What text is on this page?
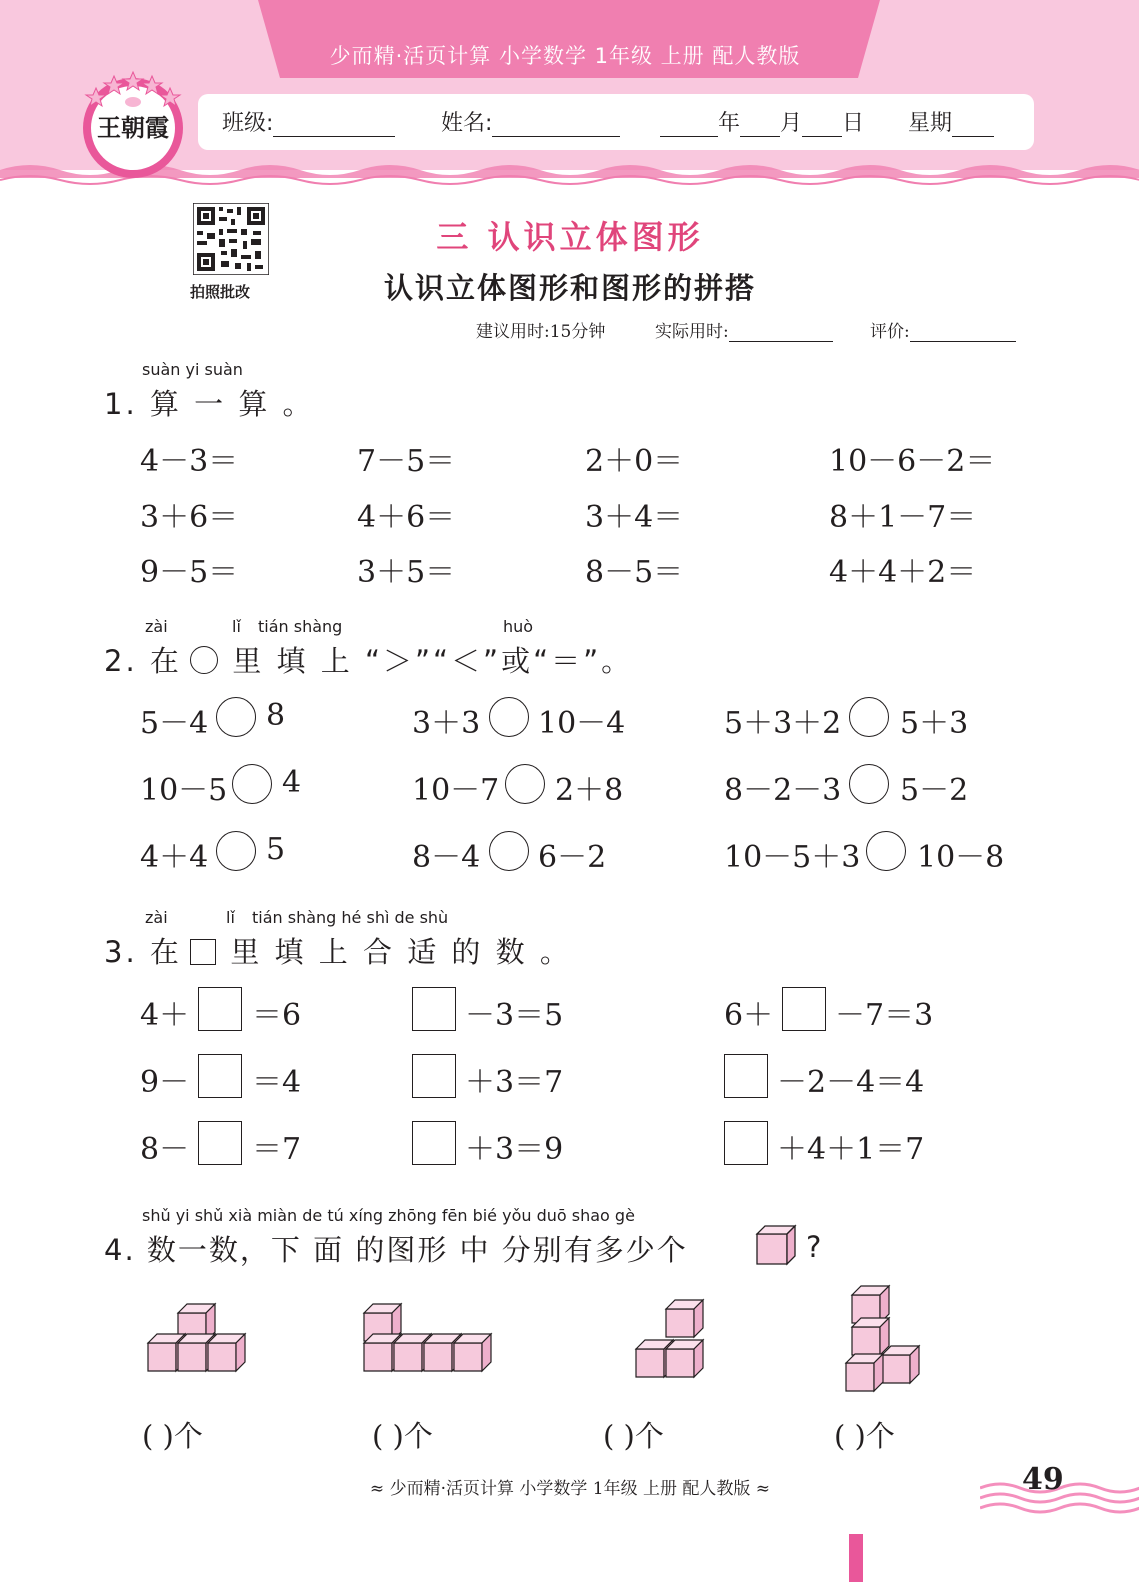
少而精·活页计算 小学数学 1年级 上册 配人教版
王朝霞 班级:	姓名:	年 月 日 星期
拍照批改
三 认识立体图形
认识立体图形和图形的拼搭
建议用时:15分钟	实际用时:	评价:
suàn yi suàn
1. 算 一 算 。
4－3＝	7－5＝	2＋0＝	10－6－2＝
3＋6＝	4＋6＝	3＋4＝	8＋1－7＝
9－5＝	3＋5＝	8－5＝	4＋4＋2＝
zài	lǐ tián shàng	huò
2. 在 里 填 上 “＞”“＜”或“＝”。
5－4 8	3＋3 10－4	5＋3＋2 5＋3
10－5 4	10－7 2＋8	8－2－3 5－2
4＋4 5	8－4 6－2	10－5＋3 10－8
zài	lǐ tián shàng hé shì de shù
3. 在 里 填 上 合 适 的 数 。
4＋ ＝6	－3＝5	6＋ －7＝3
9－ ＝4	＋3＝7	－2－4＝4
8－ ＝7	＋3＝9	＋4＋1＝7
shǔ yi shǔ xià miàn de tú xíng zhōng fēn bié yǒu duō shao gè
4. 数一数，下 面 的图形 中 分别有多少个	?
( )个	( )个	( )个	( )个
≈ 少而精·活页计算 小学数学 1年级 上册 配人教版 ≈	49
